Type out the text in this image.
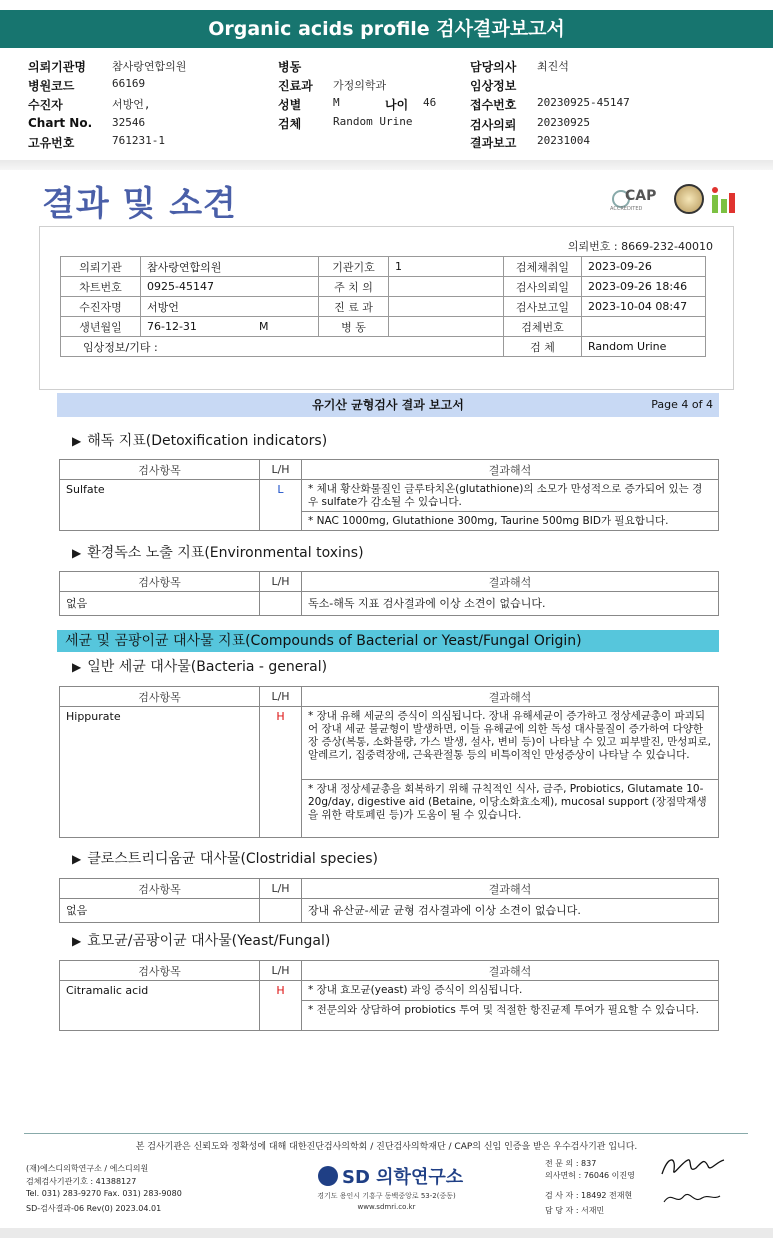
Organic acids profile 검사결과보고서
의뢰기관명 참사랑연합의원
병원코드	66169
수진자	서방언,
Chart No. 32546
고유번호	761231-1
병동
진료과 가정의학과
성별	M	나이 46
검체	Random Urine
담당의사 최진석
임상정보
접수번호 20230925-45147
검사의뢰 20230925
결과보고 20231004
결과 및 소견	CAP
ACCREDITED
의뢰번호 : 8669-232-40010
의뢰기관	참사랑연합의원	기관기호	1	검체채취일	2023-09-26
차트번호	0925-45147	주 치 의		검사의뢰일	2023-09-26 18:46
수진자명	서방언	진 료 과		검사보고일	2023-10-04 08:47
생년월일	76-12-31 M	병 동		검체번호	
임상정보/기타 :				검 체	Random Urine
유기산 균형검사 결과 보고서	Page 4 of 4
▶ 해독 지표(Detoxification indicators)
검사항목	L/H	결과해석
Sulfate	L	* 체내 황산화물질인 글루타치온(glutathione)의 소모가 만성적으로 증가되어 있는 경우 sulfate가 감소될 수 있습니다.
* NAC 1000mg, Glutathione 300mg, Taurine 500mg BID가 필요합니다.
▶ 환경독소 노출 지표(Environmental toxins)
검사항목	L/H	결과해석
없음		독소-해독 지표 검사결과에 이상 소견이 없습니다.
세균 및 곰팡이균 대사물 지표(Compounds of Bacterial or Yeast/Fungal Origin)
▶ 일반 세균 대사물(Bacteria - general)
검사항목	L/H	결과해석
Hippurate	H	* 장내 유해 세균의 증식이 의심됩니다. 장내 유해세균이 증가하고 정상세균총이 파괴되어 장내 세균 불균형이 발생하면, 이들 유해균에 의한 독성 대사물질이 증가하여 다양한 장 증상(복통, 소화불량, 가스 발생, 설사, 변비 등)이 나타날 수 있고 피부발진, 만성피로, 알레르기, 집중력장애, 근육관절통 등의 비특이적인 만성증상이 나타날 수 있습니다.
* 장내 정상세균총을 회복하기 위해 규칙적인 식사, 금주, Probiotics, Glutamate 10-20g/day, digestive aid (Betaine, 이당소화효소제), mucosal support (장점막재생을 위한 락토페린 등)가 도움이 될 수 있습니다.
▶ 클로스트리디움균 대사물(Clostridial species)
검사항목	L/H	결과해석
없음		장내 유산균-세균 균형 검사결과에 이상 소견이 없습니다.
▶ 효모균/곰팡이균 대사물(Yeast/Fungal)
검사항목	L/H	결과해석
Citramalic acid	H	* 장내 효모균(yeast) 과잉 증식이 의심됩니다.
* 전문의와 상담하여 probiotics 투여 및 적절한 항진균제 투여가 필요할 수 있습니다.
본 검사기관은 신뢰도와 정확성에 대해 대한진단검사의학회 / 진단검사의학재단 / CAP의 신임 인증을 받은 우수검사기관 입니다.
(재)에스디의학연구소 / 에스디의원
검체검사기관기호 : 41388127
Tel. 031) 283-9270 Fax. 031) 283-9080
SD-검사결과-06 Rev(0) 2023.04.01
SD 의학연구소
경기도 용인시 기흥구 동백중앙로 53-2(중동)
www.sdmri.co.kr
전 문 의 : 837
의사면허 : 76046 이진영
검 사 자 : 18492 전재현
담 당 자 : 서재민
